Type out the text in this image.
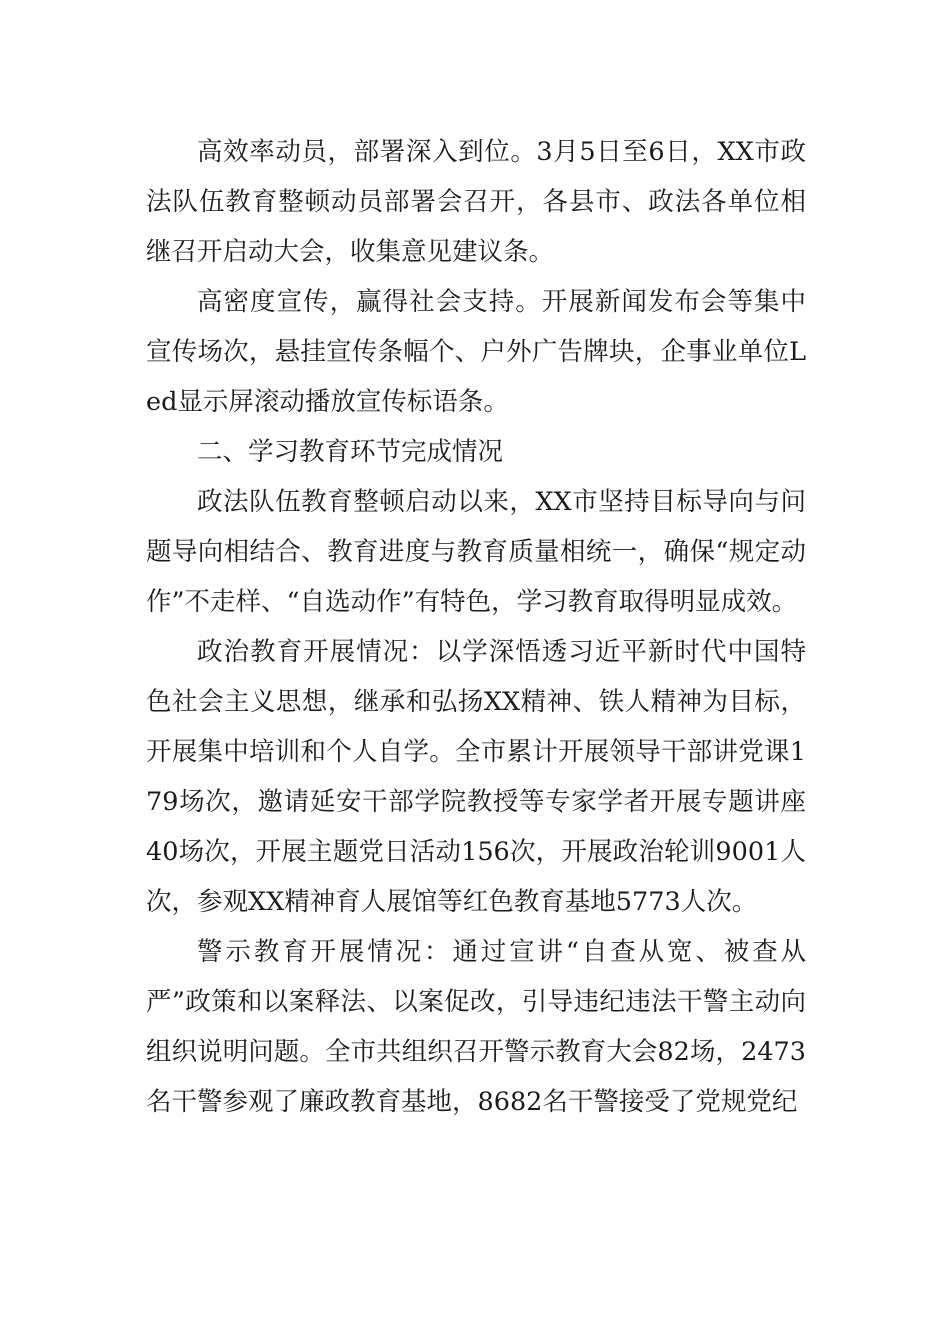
高效率动员，部署深入到位。3月5日至6日，XX市政法队伍教育整顿动员部署会召开，各县市、政法各单位相继召开启动大会，收集意见建议条。

高密度宣传，赢得社会支持。开展新闻发布会等集中宣传场次，悬挂宣传条幅个、户外广告牌块，企事业单位Led显示屏滚动播放宣传标语条。

二、学习教育环节完成情况

政法队伍教育整顿启动以来，XX市坚持目标导向与问题导向相结合、教育进度与教育质量相统一，确保“规定动作”不走样、“自选动作”有特色，学习教育取得明显成效。

政治教育开展情况：以学深悟透习近平新时代中国特色社会主义思想，继承和弘扬XX精神、铁人精神为目标，开展集中培训和个人自学。全市累计开展领导干部讲党课179场次，邀请延安干部学院教授等专家学者开展专题讲座40场次，开展主题党日活动156次，开展政治轮训9001人次，参观XX精神育人展馆等红色教育基地5773人次。

警示教育开展情况：通过宣讲“自查从宽、被查从严”政策和以案释法、以案促改，引导违纪违法干警主动向组织说明问题。全市共组织召开警示教育大会82场，2473名干警参观了廉政教育基地，8682名干警接受了党规党纪
